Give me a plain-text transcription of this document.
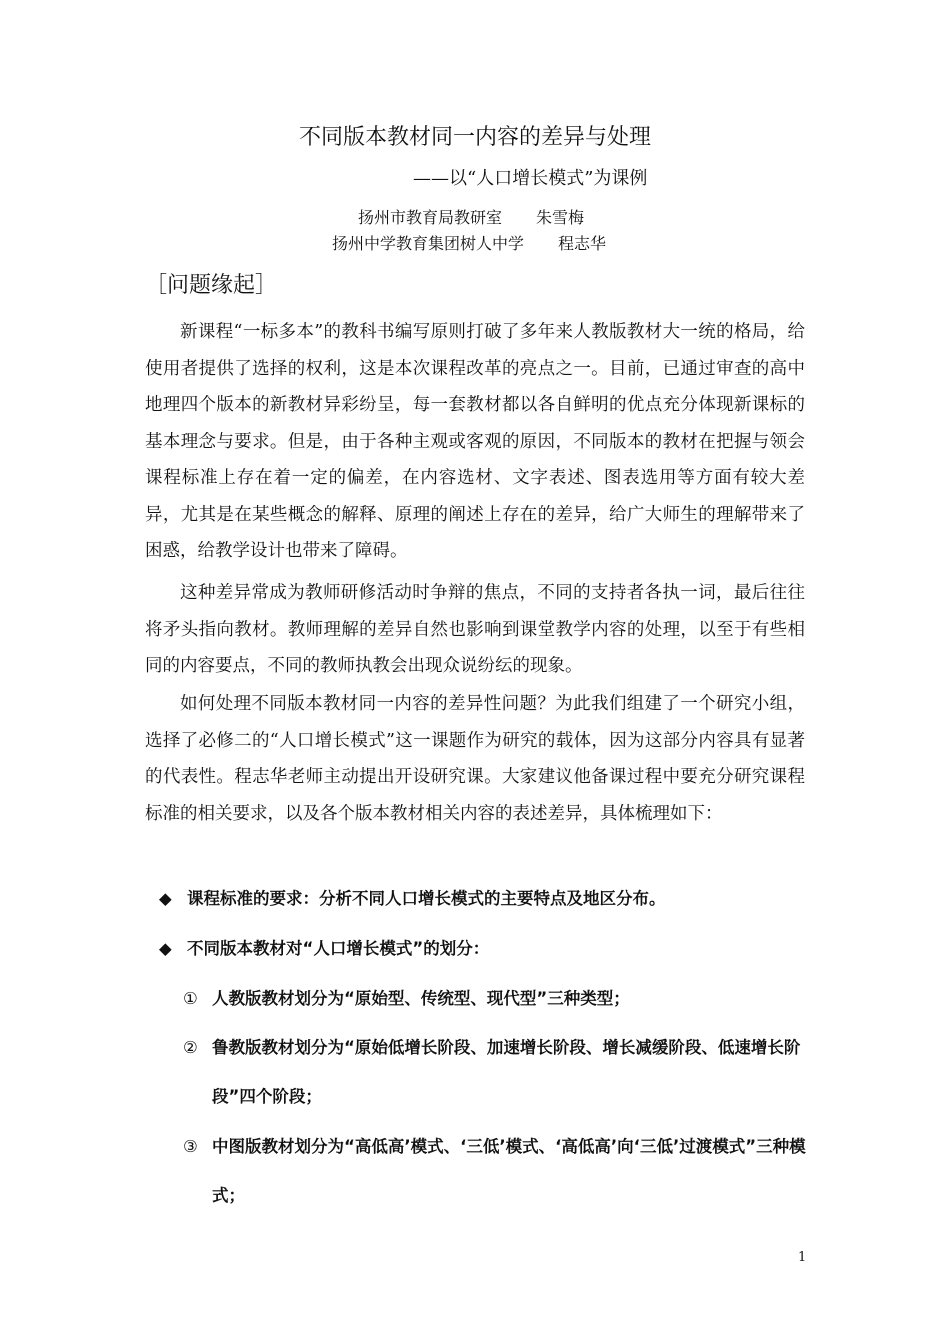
不同版本教材同一内容的差异与处理
——以“人口增长模式”为课例
扬州市教育局教研室 朱雪梅
扬州中学教育集团树人中学 程志华
［问题缘起］
新课程“一标多本”的教科书编写原则打破了多年来人教版教材大一统的格局，给使用者提供了选择的权利，这是本次课程改革的亮点之一。目前，已通过审查的高中地理四个版本的新教材异彩纷呈，每一套教材都以各自鲜明的优点充分体现新课标的基本理念与要求。但是，由于各种主观或客观的原因，不同版本的教材在把握与领会课程标准上存在着一定的偏差，在内容选材、文字表述、图表选用等方面有较大差异，尤其是在某些概念的解释、原理的阐述上存在的差异，给广大师生的理解带来了困惑，给教学设计也带来了障碍。
这种差异常成为教师研修活动时争辩的焦点，不同的支持者各执一词，最后往往将矛头指向教材。教师理解的差异自然也影响到课堂教学内容的处理，以至于有些相同的内容要点，不同的教师执教会出现众说纷纭的现象。
如何处理不同版本教材同一内容的差异性问题？为此我们组建了一个研究小组，选择了必修二的“人口增长模式”这一课题作为研究的载体，因为这部分内容具有显著的代表性。程志华老师主动提出开设研究课。大家建议他备课过程中要充分研究课程标准的相关要求，以及各个版本教材相关内容的表述差异，具体梳理如下：
◆ 课程标准的要求：分析不同人口增长模式的主要特点及地区分布。
◆ 不同版本教材对“人口增长模式”的划分：
① 人教版教材划分为“原始型、传统型、现代型”三种类型；
② 鲁教版教材划分为“原始低增长阶段、加速增长阶段、增长减缓阶段、低速增长阶段”四个阶段；
③ 中图版教材划分为“高低高’模式、‘三低’模式、‘高低高’向‘三低’过渡模式”三种模式；
1
